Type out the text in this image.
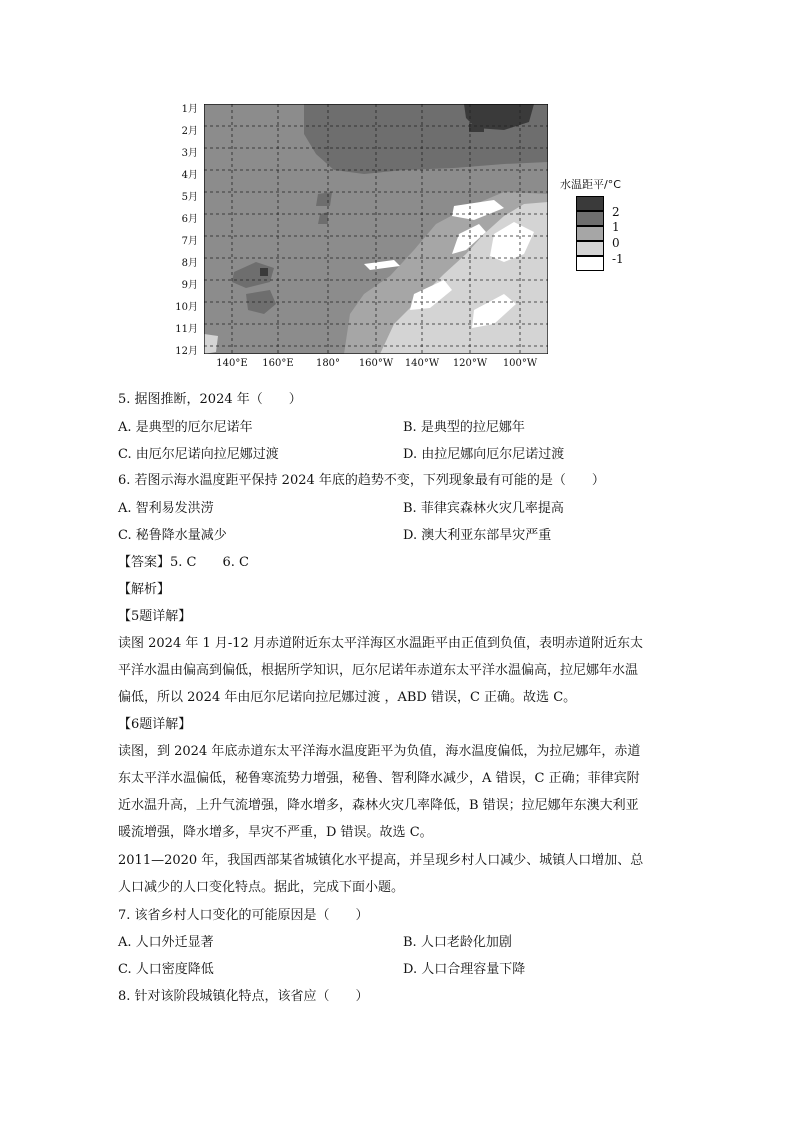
1月
2月
3月
4月
5月
6月
7月
8月
9月
10月
11月
12月
140°E	160°E	180°	160°W	140°W	120°W	100°W
水温距平/°C
2
1
0
-1
5. 据图推断，2024 年（　　）
A. 是典型的厄尔尼诺年	B. 是典型的拉尼娜年
C. 由厄尔尼诺向拉尼娜过渡	D. 由拉尼娜向厄尔尼诺过渡
6. 若图示海水温度距平保持 2024 年底的趋势不变，下列现象最有可能的是（　　）
A. 智利易发洪涝	B. 菲律宾森林火灾几率提高
C. 秘鲁降水量减少	D. 澳大利亚东部旱灾严重
【答案】5. C　　6. C
【解析】
【5题详解】
读图 2024 年 1 月-12 月赤道附近东太平洋海区水温距平由正值到负值，表明赤道附近东太
平洋水温由偏高到偏低，根据所学知识，厄尔尼诺年赤道东太平洋水温偏高，拉尼娜年水温
偏低，所以 2024 年由厄尔尼诺向拉尼娜过渡 ，ABD 错误，C 正确。故选 C。
【6题详解】
读图，到 2024 年底赤道东太平洋海水温度距平为负值，海水温度偏低，为拉尼娜年，赤道
东太平洋水温偏低，秘鲁寒流势力增强，秘鲁、智利降水减少，A 错误，C 正确；菲律宾附
近水温升高，上升气流增强，降水增多，森林火灾几率降低，B 错误；拉尼娜年东澳大利亚
暖流增强，降水增多，旱灾不严重，D 错误。故选 C。
2011—2020 年，我国西部某省城镇化水平提高，并呈现乡村人口减少、城镇人口增加、总
人口减少的人口变化特点。据此，完成下面小题。
7. 该省乡村人口变化的可能原因是（　　）
A. 人口外迁显著	B. 人口老龄化加剧
C. 人口密度降低	D. 人口合理容量下降
8. 针对该阶段城镇化特点，该省应（　　）
